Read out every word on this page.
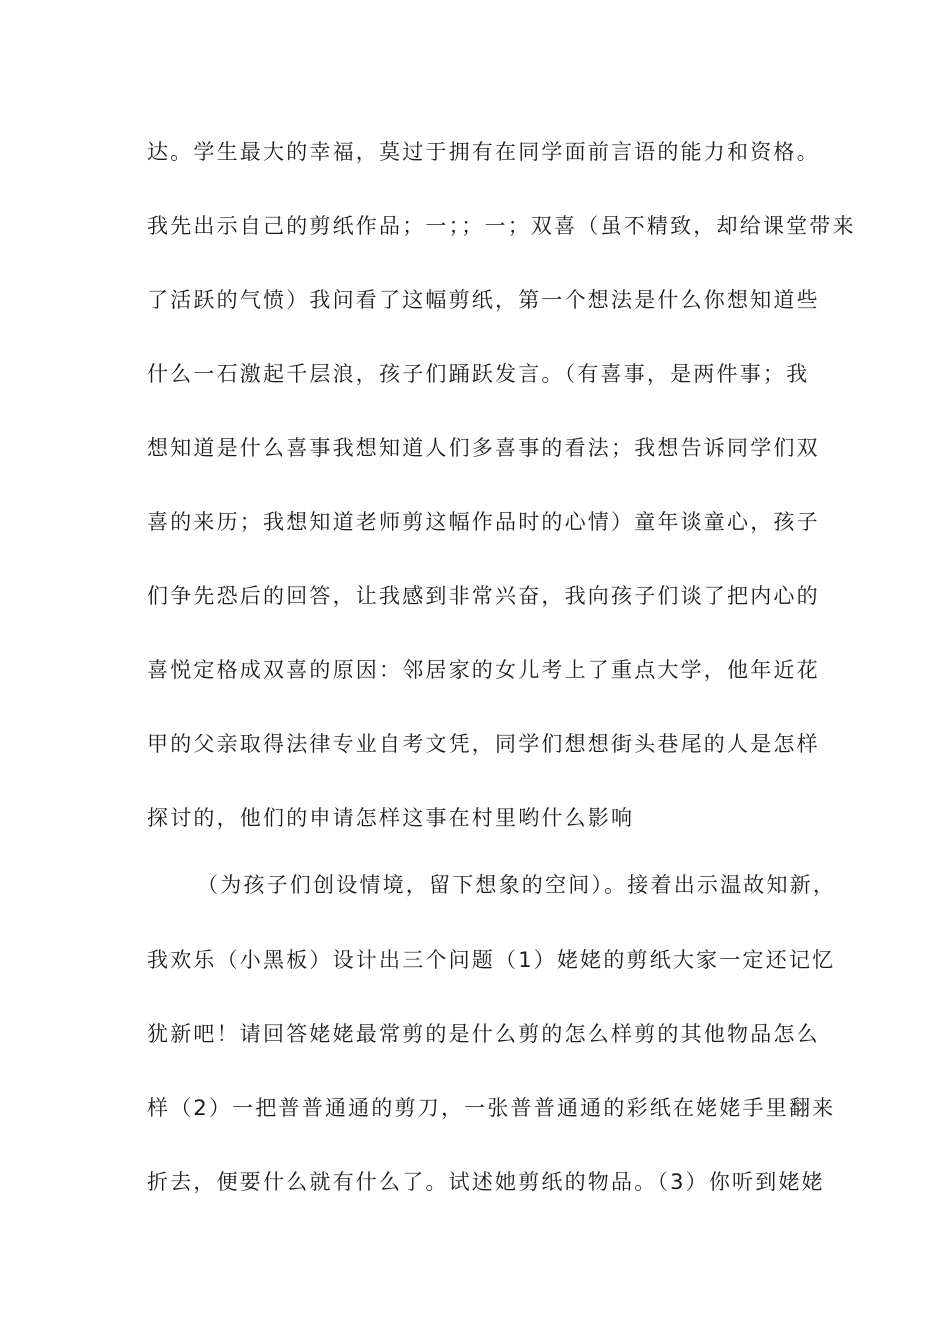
达。学生最大的幸福，莫过于拥有在同学面前言语的能力和资格。
我先出示自己的剪纸作品；一；；一；双喜（虽不精致，却给课堂带来
了活跃的气愤）我问看了这幅剪纸，第一个想法是什么你想知道些
什么一石激起千层浪，孩子们踊跃发言。（有喜事，是两件事；我
想知道是什么喜事我想知道人们多喜事的看法；我想告诉同学们双
喜的来历；我想知道老师剪这幅作品时的心情）童年谈童心，孩子
们争先恐后的回答，让我感到非常兴奋，我向孩子们谈了把内心的
喜悦定格成双喜的原因：邻居家的女儿考上了重点大学，他年近花
甲的父亲取得法律专业自考文凭，同学们想想街头巷尾的人是怎样
探讨的，他们的申请怎样这事在村里哟什么影响
（为孩子们创设情境，留下想象的空间）。接着出示温故知新，
我欢乐（小黑板）设计出三个问题（1）姥姥的剪纸大家一定还记忆
犹新吧！请回答姥姥最常剪的是什么剪的怎么样剪的其他物品怎么
样（2）一把普普通通的剪刀，一张普普通通的彩纸在姥姥手里翻来
折去，便要什么就有什么了。试述她剪纸的物品。（3）你听到姥姥
